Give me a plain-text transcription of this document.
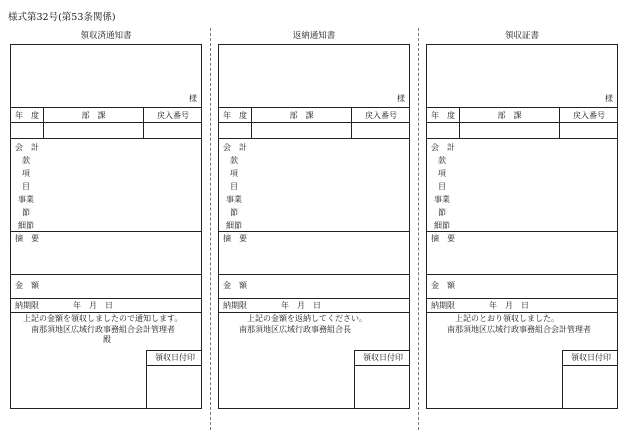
様式第32号(第53条関係)
領収済通知書
様
年　度	部　課	戻入番号
会　計
款
項
目
事業
節
細節
摘　要
金　額
納期限	年　月　日
上記の金額を領収しましたので通知します。
南那須地区広域行政事務組合会計管理者
殿
領収日付印
返納通知書
様
年　度	部　課	戻入番号
会　計
款
項
目
事業
節
細節
摘　要
金　額
納期限	年　月　日
上記の金額を返納してください。
南那須地区広域行政事務組合長
領収日付印
領収証書
様
年　度	部　課	戻入番号
会　計
款
項
目
事業
節
細節
摘　要
金　額
納期限	年　月　日
上記のとおり領収しました。
南那須地区広域行政事務組合会計管理者
領収日付印
